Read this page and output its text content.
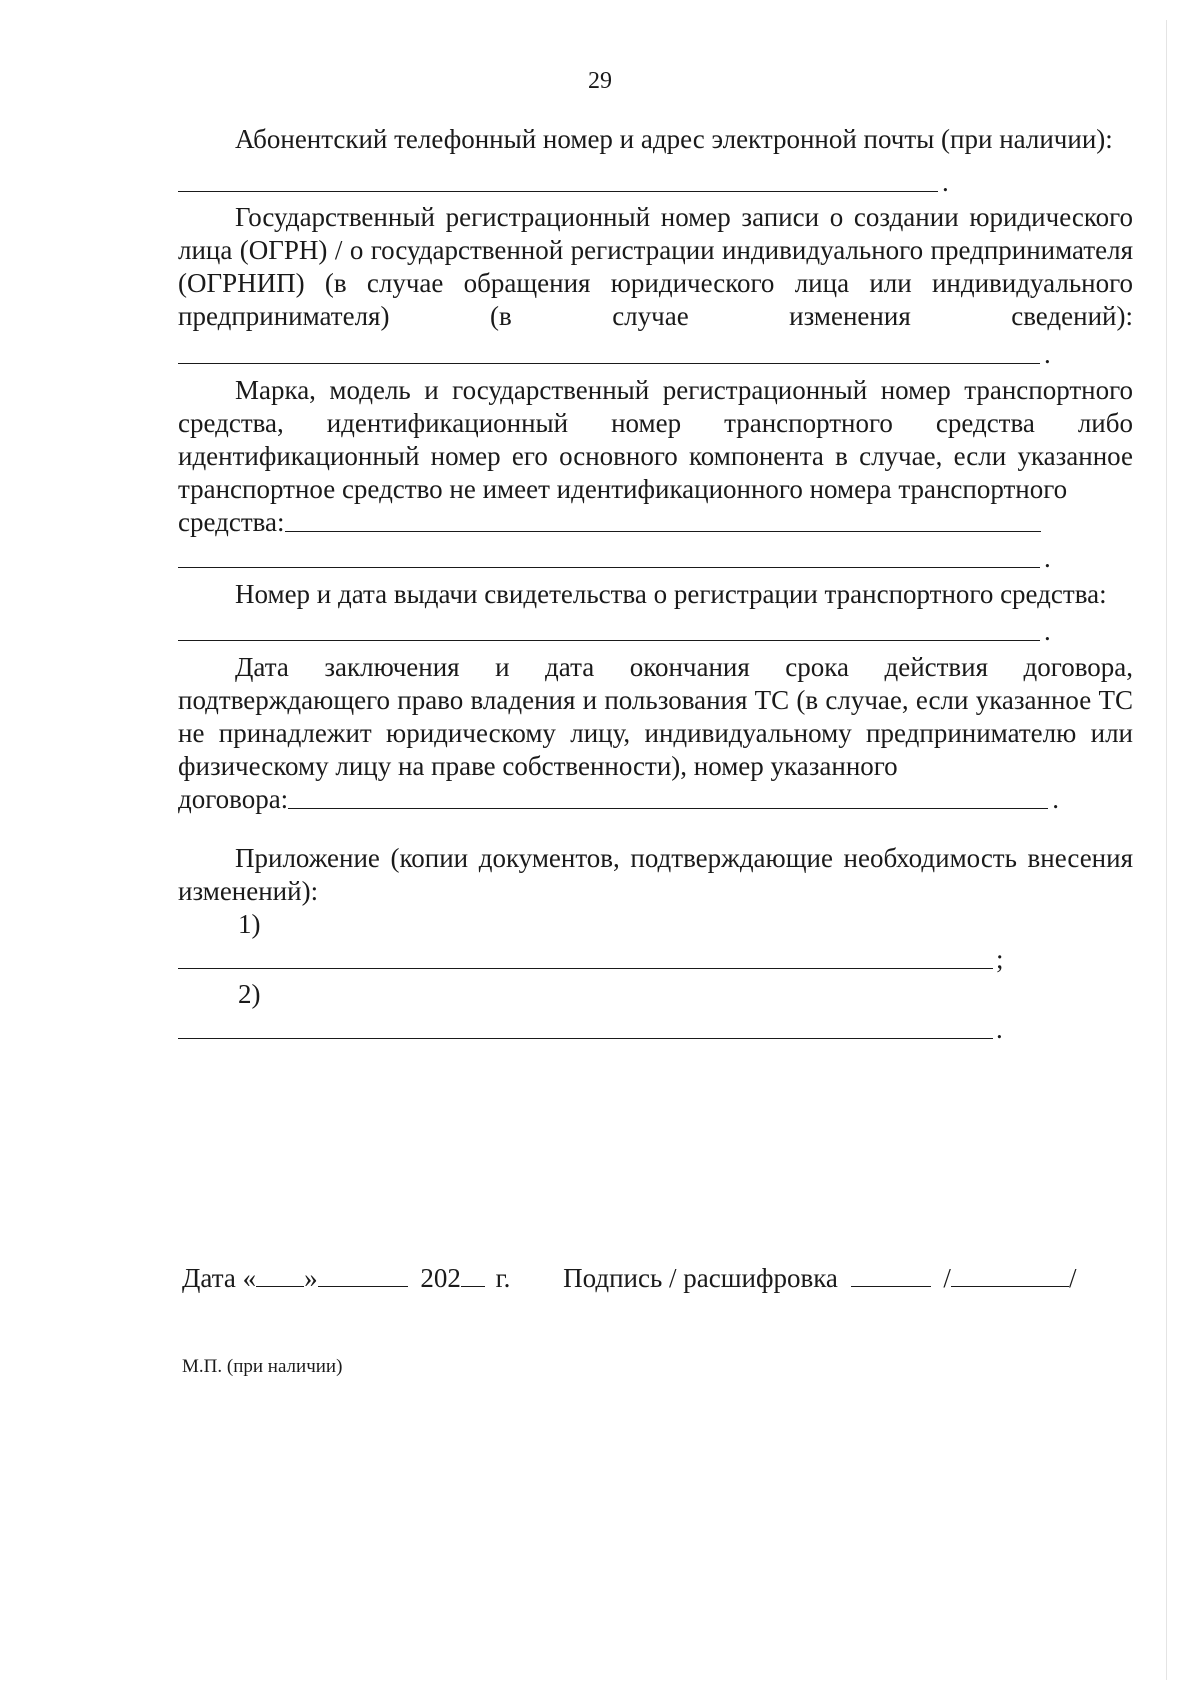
29

Абонентский телефонный номер и адрес электронной почты (при наличии):

.

Государственный регистрационный номер записи о создании юридического лица (ОГРН) / о государственной регистрации индивидуального предпринимателя (ОГРНИП) (в случае обращения юридического лица или индивидуального предпринимателя) (в случае изменения сведений):

.

Марка, модель и государственный регистрационный номер транспортного средства, идентификационный номер транспортного средства либо идентификационный номер его основного компонента в случае, если указанное транспортное средство не имеет идентификационного номера транспортного

средства:
.

Номер и дата выдачи свидетельства о регистрации транспортного средства:

.

Дата заключения и дата окончания срока действия договора, подтверждающего право владения и пользования ТС (в случае, если указанное ТС не принадлежит юридическому лицу, индивидуальному предпринимателю или физическому лицу на праве собственности), номер указанного

договора:	.

Приложение (копии документов, подтверждающие необходимость внесения изменений):

1)

;

2)

.
Дата « »	202 г. Подпись / расшифровка	/	/
М.П. (при наличии)
